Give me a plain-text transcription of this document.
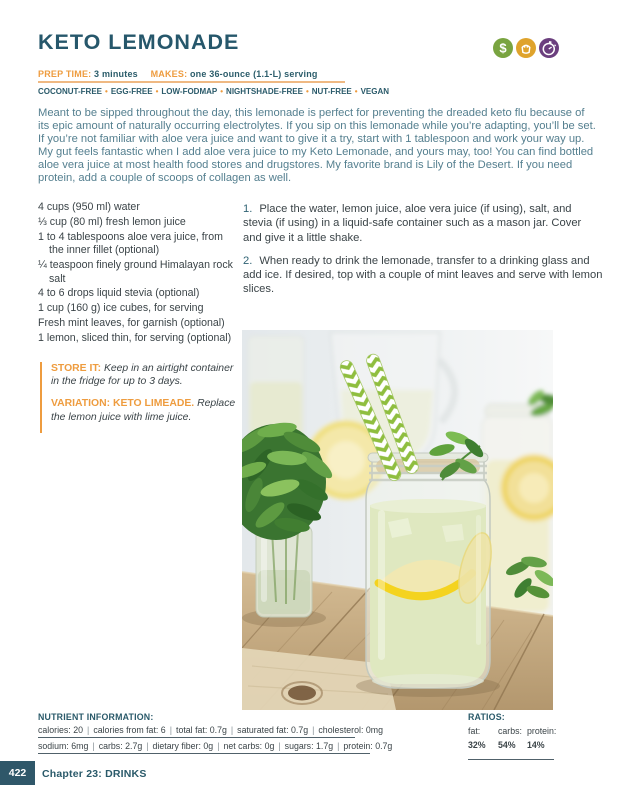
KETO LEMONADE	$
PREP TIME: 3 minutes MAKES: one 36-ounce (1.1-L) serving
COCONUT-FREE • EGG-FREE • LOW-FODMAP • NIGHTSHADE-FREE • NUT-FREE • VEGAN
Meant to be sipped throughout the day, this lemonade is perfect for preventing the dreaded keto flu because of its epic amount of naturally occurring electrolytes. If you sip on this lemonade while you’re adapting, you’ll be set. If you’re not familiar with aloe vera juice and want to give it a try, start with 1 tablespoon and work your way up. My gut feels fantastic when I add aloe vera juice to my Keto Lemonade, and yours may, too! You can find bottled aloe vera juice at most health food stores and drugstores. My favorite brand is Lily of the Desert. If you need protein, add a couple of scoops of collagen as well.
4 cups (950 ml) water
⅓ cup (80 ml) fresh lemon juice
1 to 4 tablespoons aloe vera juice, from the inner fillet (optional)
¼ teaspoon finely ground Himalayan rock salt
4 to 6 drops liquid stevia (optional)
1 cup (160 g) ice cubes, for serving
Fresh mint leaves, for garnish (optional)
1 lemon, sliced thin, for serving (optional)
STORE IT: Keep in an airtight container in the fridge for up to 3 days.
VARIATION: KETO LIMEADE. Replace the lemon juice with lime juice.
1. Place the water, lemon juice, aloe vera juice (if using), salt, and stevia (if using) in a liquid-safe container such as a mason jar. Cover and give it a little shake.
2. When ready to drink the lemonade, transfer to a drinking glass and add ice. If desired, top with a couple of mint leaves and serve with lemon slices.
NUTRIENT INFORMATION:
calories: 20 | calories from fat: 6 | total fat: 0.7g | saturated fat: 0.7g | cholesterol: 0mg
sodium: 6mg | carbs: 2.7g | dietary fiber: 0g | net carbs: 0g | sugars: 1.7g | protein: 0.7g
RATIOS:
fat:	carbs: protein:
32%	54%	14%
422	Chapter 23: DRINKS
